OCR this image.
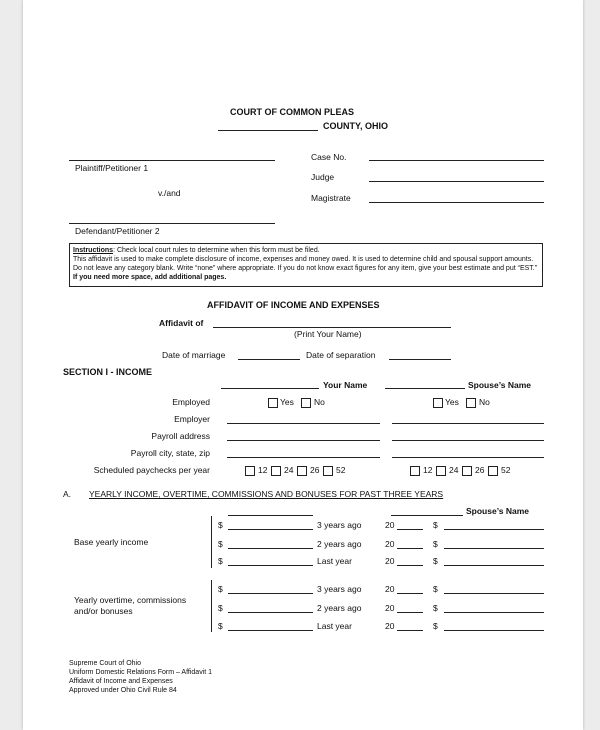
COURT OF COMMON PLEAS
COUNTY, OHIO
Plaintiff/Petitioner 1
v./and
Defendant/Petitioner 2
Case No.
Judge
Magistrate
Instructions: Check local court rules to determine when this form must be filed.
This affidavit is used to make complete disclosure of income, expenses and money owed. It is used to determine child and spousal support amounts. Do not leave any category blank. Write “none” where appropriate. If you do not know exact figures for any item, give your best estimate and put “EST.” If you need more space, add additional pages.
AFFIDAVIT OF INCOME AND EXPENSES
Affidavit of
(Print Your Name)
Date of marriage	Date of separation
SECTION I - INCOME
Your Name	Spouse’s Name
Employed	Yes No	Yes No
Employer
Payroll address
Payroll city, state, zip
Scheduled paychecks per year	12 24 26 52	12 24 26 52
A. YEARLY INCOME, OVERTIME, COMMISSIONS AND BONUSES FOR PAST THREE YEARS
Spouse’s Name
Base yearly income
$	3 years ago	20	$
$	2 years ago	20	$
$	Last year	20	$
Yearly overtime, commissions
and/or bonuses
$	3 years ago	20	$
$	2 years ago	20	$
$	Last year	20	$
Supreme Court of Ohio
Uniform Domestic Relations Form – Affidavit 1
Affidavit of Income and Expenses
Approved under Ohio Civil Rule 84
